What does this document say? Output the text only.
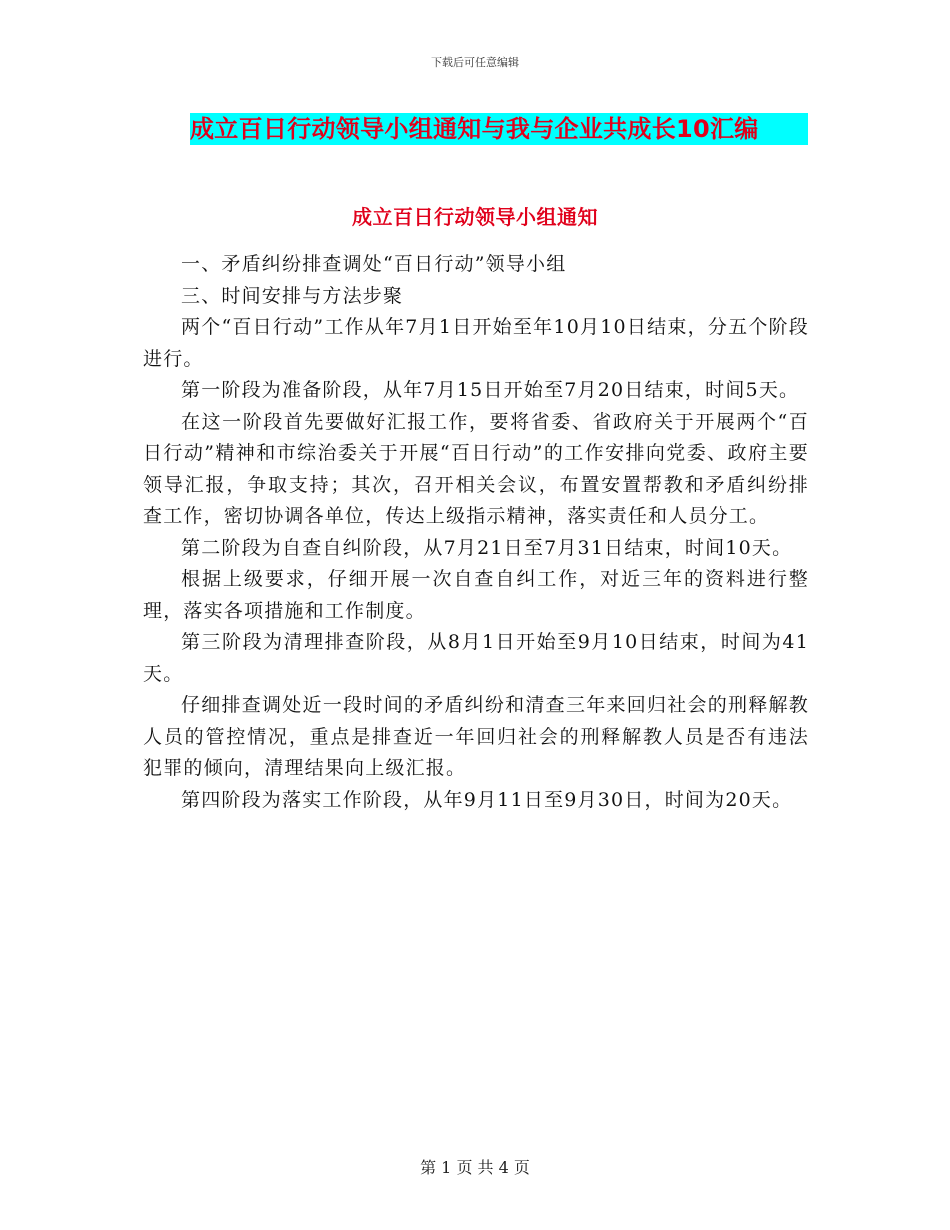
下载后可任意编辑
成立百日行动领导小组通知与我与企业共成长10汇编
成立百日行动领导小组通知

一、矛盾纠纷排查调处“百日行动”领导小组

三、时间安排与方法步聚

两个“百日行动”工作从年7月1日开始至年10月10日结束，分五个阶段进行。

第一阶段为准备阶段，从年7月15日开始至7月20日结束，时间5天。

在这一阶段首先要做好汇报工作，要将省委、省政府关于开展两个“百日行动”精神和市综治委关于开展“百日行动”的工作安排向党委、政府主要领导汇报，争取支持；其次，召开相关会议，布置安置帮教和矛盾纠纷排查工作，密切协调各单位，传达上级指示精神，落实责任和人员分工。

第二阶段为自查自纠阶段，从7月21日至7月31日结束，时间10天。

根据上级要求，仔细开展一次自查自纠工作，对近三年的资料进行整理，落实各项措施和工作制度。

第三阶段为清理排查阶段，从8月1日开始至9月10日结束，时间为41天。

仔细排查调处近一段时间的矛盾纠纷和清查三年来回归社会的刑释解教人员的管控情况，重点是排查近一年回归社会的刑释解教人员是否有违法犯罪的倾向，清理结果向上级汇报。

第四阶段为落实工作阶段，从年9月11日至9月30日，时间为20天。

第 1 页 共 4 页
